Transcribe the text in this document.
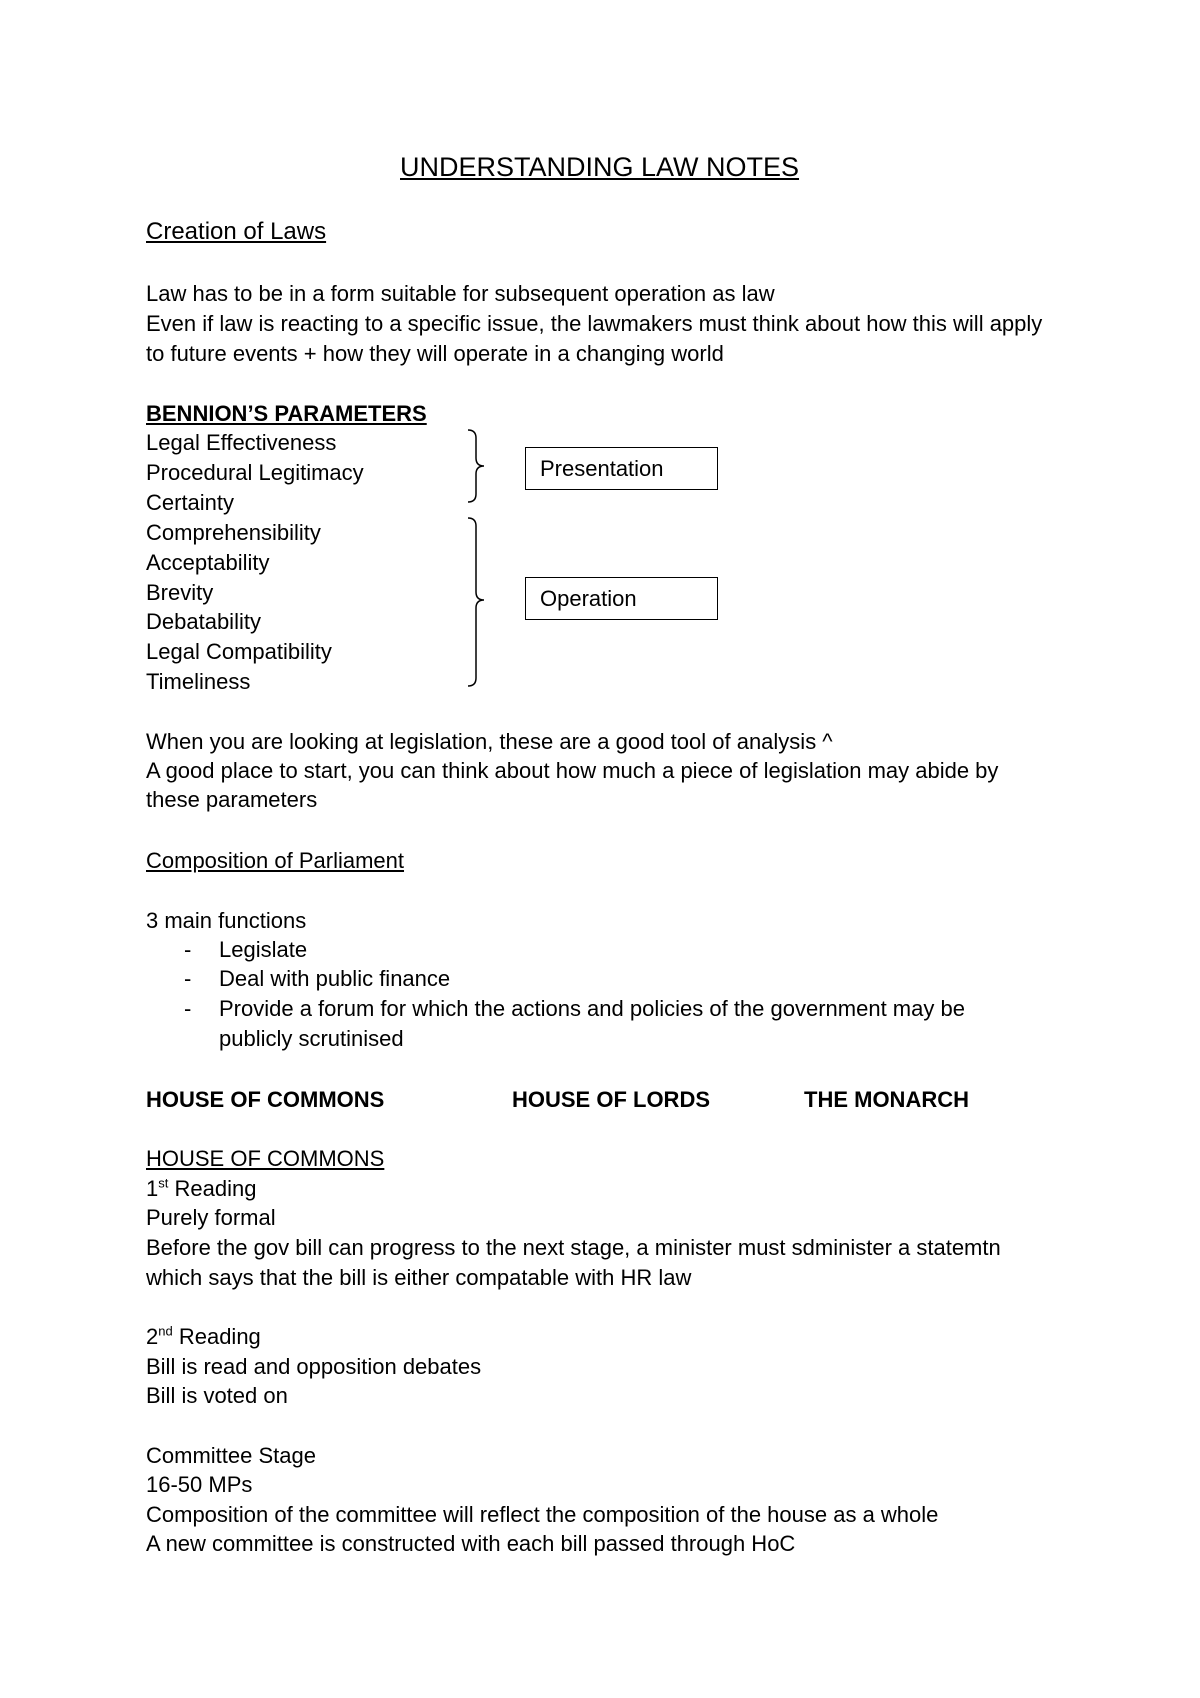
UNDERSTANDING LAW NOTES
Creation of Laws
Law has to be in a form suitable for subsequent operation as law
Even if law is reacting to a specific issue, the lawmakers must think about how this will apply
to future events + how they will operate in a changing world
BENNION’S PARAMETERS
Legal Effectiveness
Procedural Legitimacy
Certainty
Comprehensibility
Acceptability
Brevity
Debatability
Legal Compatibility
Timeliness
Presentation
Operation
When you are looking at legislation, these are a good tool of analysis ^
A good place to start, you can think about how much a piece of legislation may abide by
these parameters
Composition of Parliament
3 main functions
- Legislate
- Deal with public finance
- Provide a forum for which the actions and policies of the government may be
publicly scrutinised
HOUSE OF COMMONS	HOUSE OF LORDS	THE MONARCH
HOUSE OF COMMONS
1st Reading
Purely formal
Before the gov bill can progress to the next stage, a minister must sdminister a statemtn
which says that the bill is either compatable with HR law
2nd Reading
Bill is read and opposition debates
Bill is voted on
Committee Stage
16-50 MPs
Composition of the committee will reflect the composition of the house as a whole
A new committee is constructed with each bill passed through HoC
